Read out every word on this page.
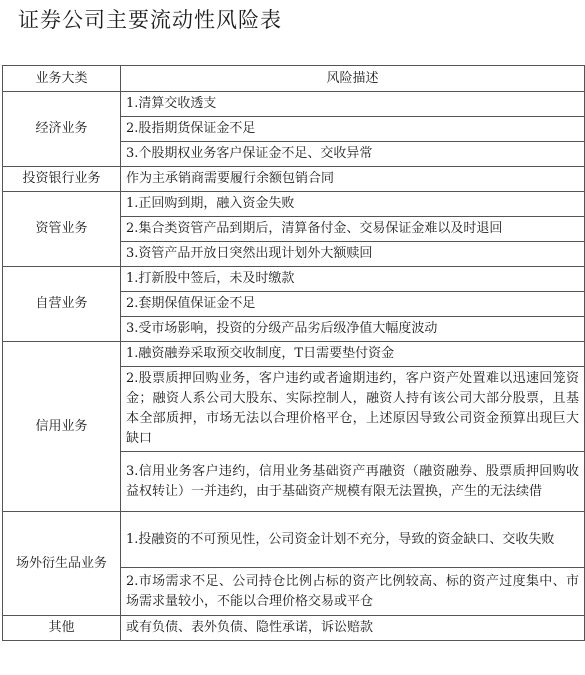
证券公司主要流动性风险表
业务大类	风险描述
经济业务	1.清算交收透支
	2.股指期货保证金不足
	3.个股期权业务客户保证金不足、交收异常
投资银行业务	作为主承销商需要履行余额包销合同
资管业务	1.正回购到期，融入资金失败
	2.集合类资管产品到期后，清算备付金、交易保证金难以及时退回
	3.资管产品开放日突然出现计划外大额赎回
自营业务	1.打新股中签后，未及时缴款
	2.套期保值保证金不足
	3.受市场影响，投资的分级产品劣后级净值大幅度波动
信用业务	1.融资融券采取预交收制度，T日需要垫付资金
	2.股票质押回购业务，客户违约或者逾期违约，客户资产处置难以迅速回笼资金；融资人系公司大股东、实际控制人，融资人持有该公司大部分股票，且基本全部质押，市场无法以合理价格平仓，上述原因导致公司资金预算出现巨大缺口
	3.信用业务客户违约，信用业务基础资产再融资（融资融券、股票质押回购收益权转让）一并违约，由于基础资产规模有限无法置换，产生的无法续借
场外衍生品业务	1.投融资的不可预见性，公司资金计划不充分，导致的资金缺口、交收失败
	2.市场需求不足、公司持仓比例占标的资产比例较高、标的资产过度集中、市场需求量较小，不能以合理价格交易或平仓
其他	或有负债、表外负债、隐性承诺，诉讼赔款
